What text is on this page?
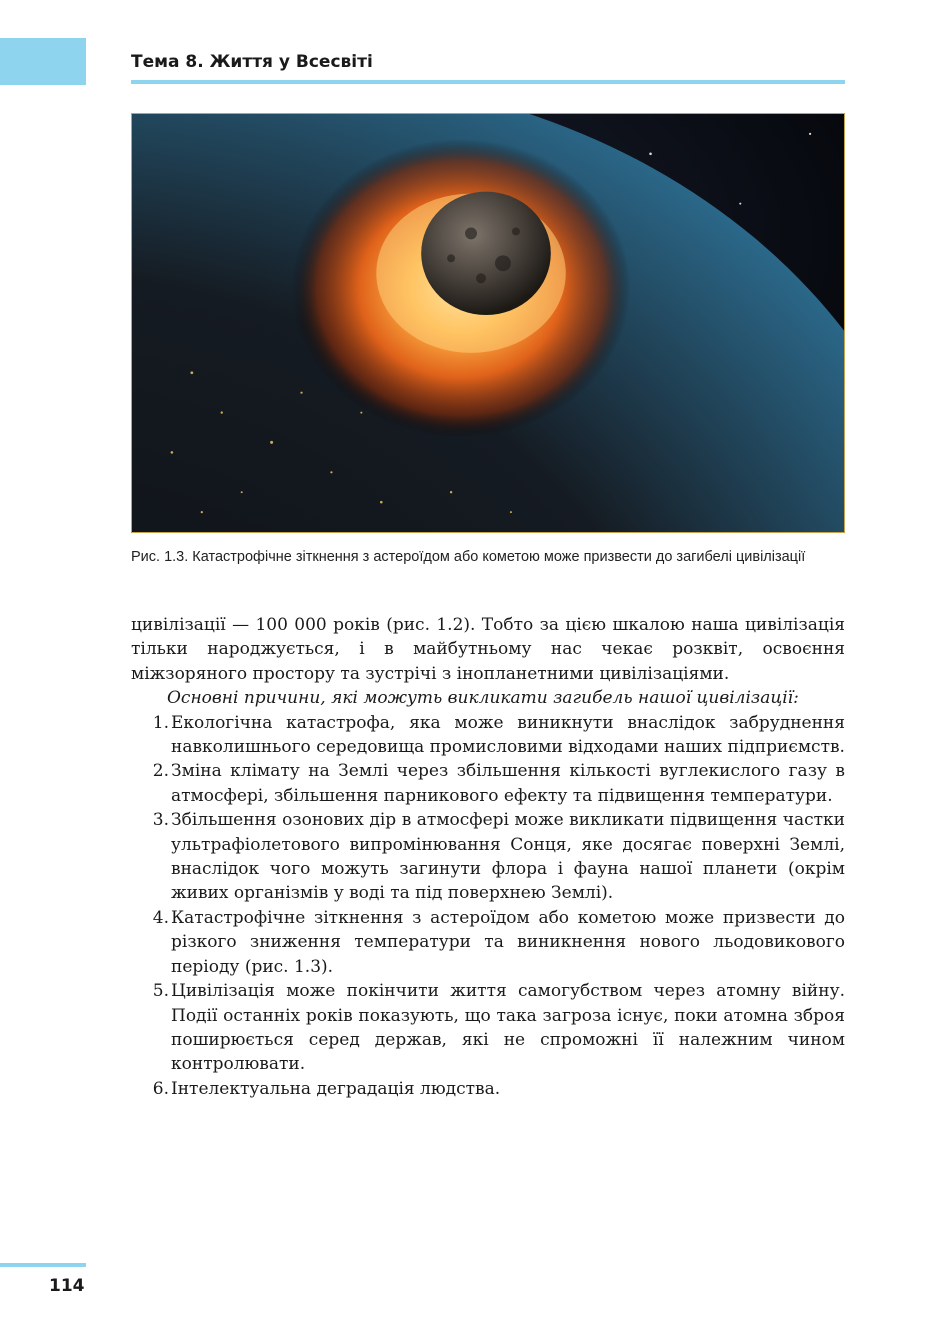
Тема 8. Життя у Всесвіті
Рис. 1.3. Катастрофічне зіткнення з астероїдом або кометою може призвести до загибелі цивілізації

цивілізації — 100 000 років (рис. 1.2). Тобто за цією шкалою наша цивілізація тільки народжується, і в майбутньому нас чекає розквіт, освоєння міжзоряного простору та зустрічі з інопланетними цивілізаціями.

Основні причини, які можуть викликати загибель нашої цивілізації:

1. Екологічна катастрофа, яка може виникнути внаслідок забруднення навколишнього середовища промисловими відходами наших підприємств.
2. Зміна клімату на Землі через збільшення кількості вуглекислого газу в атмосфері, збільшення парникового ефекту та підвищення температури.
3. Збільшення озонових дір в атмосфері може викликати підвищення частки ультрафіолетового випромінювання Сонця, яке досягає поверхні Землі, внаслідок чого можуть загинути флора і фауна нашої планети (окрім живих організмів у воді та під поверхнею Землі).
4. Катастрофічне зіткнення з астероїдом або кометою може призвести до різкого зниження температури та виникнення нового льодовикового періоду (рис. 1.3).
5. Цивілізація може покінчити життя самогубством через атомну війну. Події останніх років показують, що така загроза існує, поки атомна зброя поширюється серед держав, які не спроможні її належним чином контролювати.
6. Інтелектуальна деградація людства.
114
